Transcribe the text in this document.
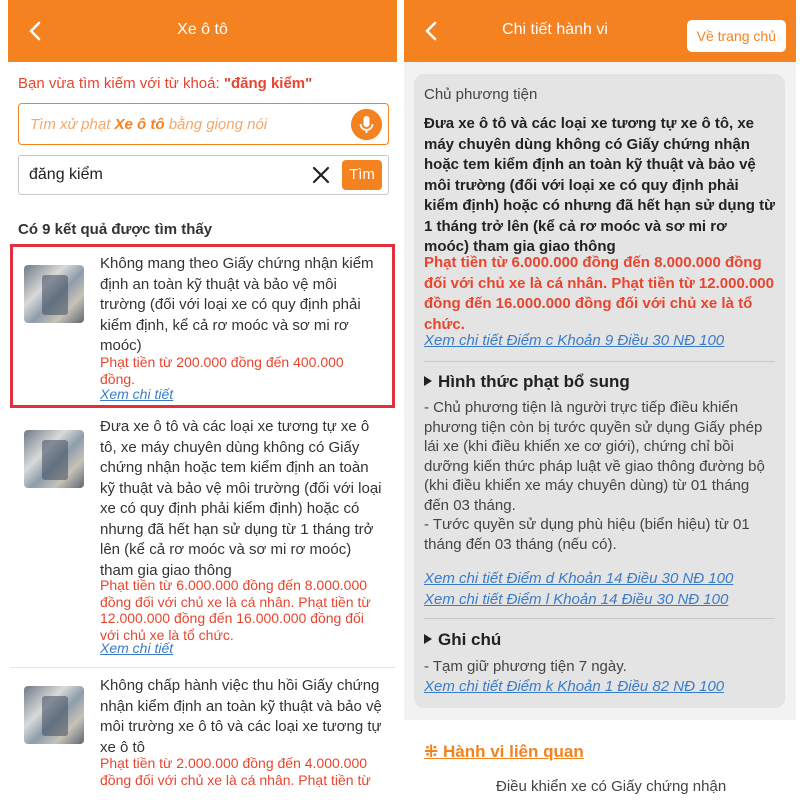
Xe ô tô
Bạn vừa tìm kiếm với từ khoá: "đăng kiểm"
Tìm xử phạt Xe ô tô bằng giọng nói
đăng kiểm
Tìm
Có 9 kết quả được tìm thấy
Không mang theo Giấy chứng nhận kiểm định an toàn kỹ thuật và bảo vệ môi trường (đối với loại xe có quy định phải kiểm định, kể cả rơ moóc và sơ mi rơ moóc)
Phạt tiền từ 200.000 đồng đến 400.000 đồng.
Xem chi tiết
Đưa xe ô tô và các loại xe tương tự xe ô tô, xe máy chuyên dùng không có Giấy chứng nhận hoặc tem kiểm định an toàn kỹ thuật và bảo vệ môi trường (đối với loại xe có quy định phải kiểm định) hoặc có nhưng đã hết hạn sử dụng từ 1 tháng trở lên (kể cả rơ moóc và sơ mi rơ moóc) tham gia giao thông
Phạt tiền từ 6.000.000 đồng đến 8.000.000 đồng đối với chủ xe là cá nhân. Phạt tiền từ 12.000.000 đồng đến 16.000.000 đồng đối với chủ xe là tổ chức.
Xem chi tiết
Không chấp hành việc thu hồi Giấy chứng nhận kiểm định an toàn kỹ thuật và bảo vệ môi trường xe ô tô và các loại xe tương tự xe ô tô
Phạt tiền từ 2.000.000 đồng đến 4.000.000 đồng đối với chủ xe là cá nhân. Phạt tiền từ
Chi tiết hành vi	Về trang chủ
Chủ phương tiện
Đưa xe ô tô và các loại xe tương tự xe ô tô, xe máy chuyên dùng không có Giấy chứng nhận hoặc tem kiểm định an toàn kỹ thuật và bảo vệ môi trường (đối với loại xe có quy định phải kiểm định) hoặc có nhưng đã hết hạn sử dụng từ 1 tháng trở lên (kể cả rơ moóc và sơ mi rơ moóc) tham gia giao thông
Phạt tiền từ 6.000.000 đồng đến 8.000.000 đồng đối với chủ xe là cá nhân. Phạt tiền từ 12.000.000 đồng đến 16.000.000 đồng đối với chủ xe là tổ chức.
Xem chi tiết Điểm c Khoản 9 Điều 30 NĐ 100
Hình thức phạt bổ sung
- Chủ phương tiện là người trực tiếp điều khiển phương tiện còn bị tước quyền sử dụng Giấy phép lái xe (khi điều khiển xe cơ giới), chứng chỉ bồi dưỡng kiến thức pháp luật về giao thông đường bộ (khi điều khiển xe máy chuyên dùng) từ 01 tháng đến 03 tháng.
- Tước quyền sử dụng phù hiệu (biển hiệu) từ 01 tháng đến 03 tháng (nếu có).
Xem chi tiết Điểm d Khoản 14 Điều 30 NĐ 100
Xem chi tiết Điểm l Khoản 14 Điều 30 NĐ 100
Ghi chú
- Tạm giữ phương tiện 7 ngày.
Xem chi tiết Điểm k Khoản 1 Điều 82 NĐ 100
⁜ Hành vi liên quan
Điều khiển xe có Giấy chứng nhận
